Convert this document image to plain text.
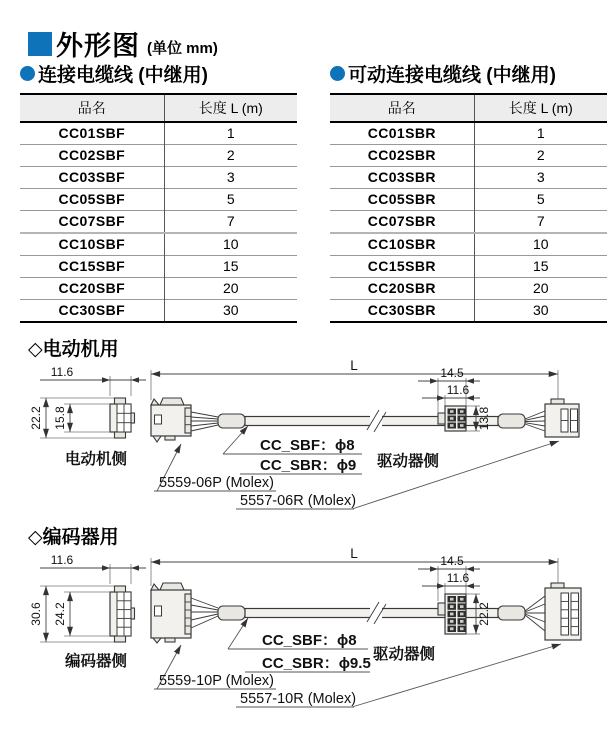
外形图 (单位 mm)
连接电缆线 (中继用)
品名	长度 L (m)
CC01SBF	1
CC02SBF	2
CC03SBF	3
CC05SBF	5
CC07SBF	7
CC10SBF	10
CC15SBF	15
CC20SBF	20
CC30SBF	30
可动连接电缆线 (中继用)
品名	长度 L (m)
CC01SBR	1
CC02SBR	2
CC03SBR	3
CC05SBR	5
CC07SBR	7
CC10SBR	10
CC15SBR	15
CC20SBR	20
CC30SBR	30
◇电动机用
11.6
15.8
22.2
电动机侧
L
CC_SBF：ϕ8
CC_SBR：ϕ9
5559-06P (Molex)
5557-06R (Molex)
14.5
11.6
13.8
驱动器侧
◇编码器用
11.6
24.2
30.6
编码器侧
L
CC_SBF：ϕ8
CC_SBR：ϕ9.5
5559-10P (Molex)
5557-10R (Molex)
14.5
11.6
22.2
驱动器侧
